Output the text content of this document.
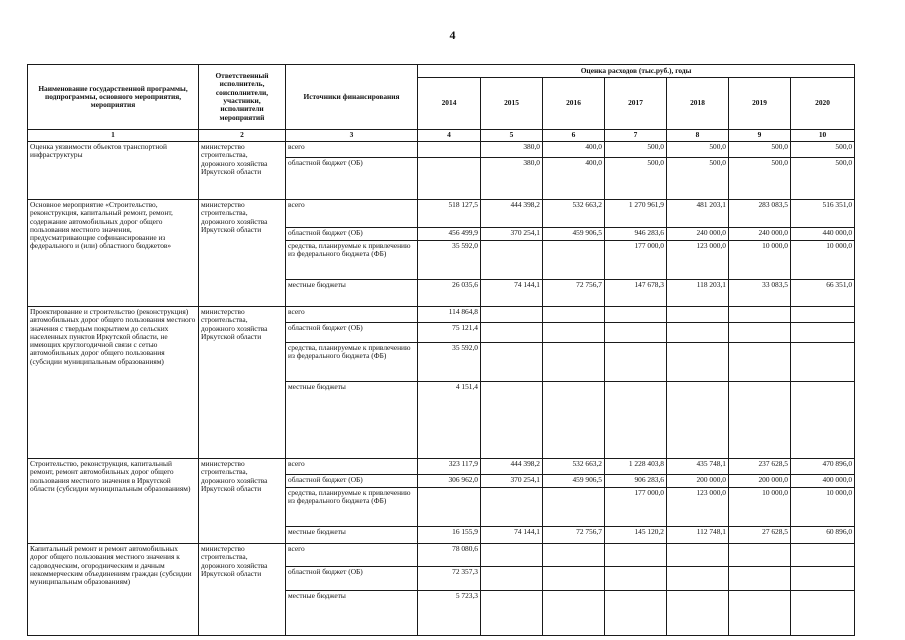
4
Наименование государственной программы, подпрограммы, основного мероприятия, мероприятия	Ответственный исполнитель, соисполнители, участники, исполнители мероприятий	Источники финансирования	Оценка расходов (тыс.руб.), годы						
			2014	2015	2016	2017	2018	2019	2020
1	2	3	4	5	6	7	8	9	10
Оценка уязвимости объектов транспортной инфраструктуры	министерство строительства, дорожного хозяйства Иркутской области	всего		380,0	400,0	500,0	500,0	500,0	500,0
		областной бюджет (ОБ)		380,0	400,0	500,0	500,0	500,0	500,0
Основное мероприятие «Строительство, реконструкция, капитальный ремонт, ремонт, содержание автомобильных дорог общего пользования местного значения, предусматривающие софинансирование из федерального и (или) областного бюджетов»	министерство строительства, дорожного хозяйства Иркутской области	всего	518 127,5	444 398,2	532 663,2	1 270 961,9	481 203,1	283 083,5	516 351,0
		областной бюджет (ОБ)	456 499,9	370 254,1	459 906,5	946 283,6	240 000,0	240 000,0	440 000,0
		средства, планируемые к привлечению из федерального бюджета (ФБ)	35 592,0			177 000,0	123 000,0	10 000,0	10 000,0
		местные бюджеты	26 035,6	74 144,1	72 756,7	147 678,3	118 203,1	33 083,5	66 351,0
Проектирование и строительство (реконструкция) автомобильных дорог общего пользования местного значения с твердым покрытием до сельских населенных пунктов Иркутской области, не имеющих круглогодичной связи с сетью автомобильных дорог общего пользования (субсидии муниципальным образованиям)	министерство строительства, дорожного хозяйства Иркутской области	всего	114 864,8						
		областной бюджет (ОБ)	75 121,4						
		средства, планируемые к привлечению из федерального бюджета (ФБ)	35 592,0						
		местные бюджеты	4 151,4						
Строительство, реконструкция, капитальный ремонт, ремонт автомобильных дорог общего пользования местного значения в Иркутской области (субсидии муниципальным образованиям)	министерство строительства, дорожного хозяйства Иркутской области	всего	323 117,9	444 398,2	532 663,2	1 228 403,8	435 748,1	237 628,5	470 896,0
		областной бюджет (ОБ)	306 962,0	370 254,1	459 906,5	906 283,6	200 000,0	200 000,0	400 000,0
		средства, планируемые к привлечению из федерального бюджета (ФБ)				177 000,0	123 000,0	10 000,0	10 000,0
		местные бюджеты	16 155,9	74 144,1	72 756,7	145 120,2	112 748,1	27 628,5	60 896,0
Капитальный ремонт и ремонт автомобильных дорог общего пользования местного значения к садоводческим, огородническим и дачным некоммерческим объединениям граждан (субсидии муниципальным образованиям)	министерство строительства, дорожного хозяйства Иркутской области	всего	78 080,6						
		областной бюджет (ОБ)	72 357,3						
		местные бюджеты	5 723,3						
